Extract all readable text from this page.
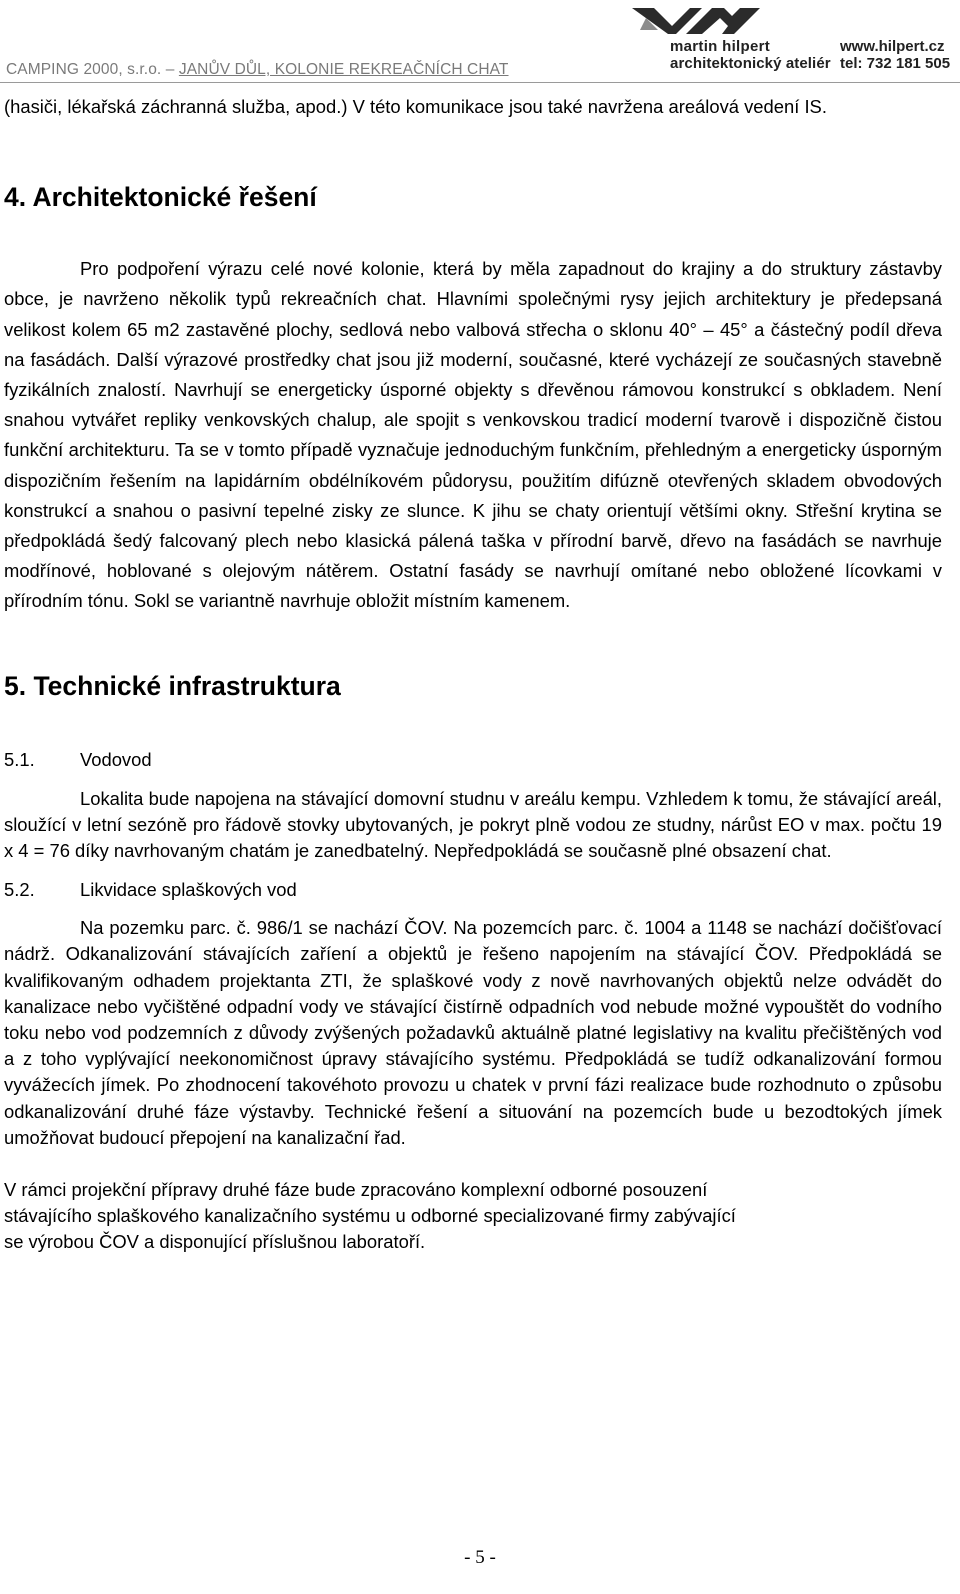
CAMPING 2000, s.r.o. – JANŮV DŮL, KOLONIE REKREAČNÍCH CHAT
martin hilpert
architektonický ateliér
www.hilpert.cz
tel: 732 181 505

(hasiči, lékařská záchranná služba, apod.) V této komunikace jsou také navržena areálová vedení IS.

4. Architektonické řešení

Pro podpoření výrazu celé nové kolonie, která by měla zapadnout do krajiny a do struktury zástavby obce, je navrženo několik typů rekreačních chat. Hlavními společnými rysy jejich architektury je předepsaná velikost kolem 65 m2 zastavěné plochy, sedlová nebo valbová střecha o sklonu 40° – 45° a částečný podíl dřeva na fasádách. Další výrazové prostředky chat jsou již moderní, současné, které vycházejí ze současných stavebně fyzikálních znalostí. Navrhují se energeticky úsporné objekty s dřevěnou rámovou konstrukcí s obkladem. Není snahou vytvářet repliky venkovských chalup, ale spojit s venkovskou tradicí moderní tvarově i dispozičně čistou funkční architekturu. Ta se v tomto případě vyznačuje jednoduchým funkčním, přehledným a energeticky úsporným dispozičním řešením na lapidárním obdélníkovém půdorysu, použitím difúzně otevřených skladem obvodových konstrukcí a snahou o pasivní tepelné zisky ze slunce. K jihu se chaty orientují většími okny. Střešní krytina se předpokládá šedý falcovaný plech nebo klasická pálená taška v přírodní barvě, dřevo na fasádách se navrhuje modřínové, hoblované s olejovým nátěrem. Ostatní fasády se navrhují omítané nebo obložené lícovkami v přírodním tónu. Sokl se variantně navrhuje obložit místním kamenem.

5. Technické infrastruktura
5.1. Vodovod

Lokalita bude napojena na stávající domovní studnu v areálu kempu. Vzhledem k tomu, že stávající areál, sloužící v letní sezóně pro řádově stovky ubytovaných, je pokryt plně vodou ze studny, nárůst EO v max. počtu 19 x 4 = 76 díky navrhovaným chatám je zanedbatelný. Nepředpokládá se současně plné obsazení chat.

5.2. Likvidace splaškových vod

Na pozemku parc. č. 986/1 se nachází ČOV. Na pozemcích parc. č. 1004 a 1148 se nachází dočišťovací nádrž. Odkanalizování stávajících zaříení a objektů je řešeno napojením na stávající ČOV. Předpokládá se kvalifikovaným odhadem projektanta ZTI, že splaškové vody z nově navrhovaných objektů nelze odvádět do kanalizace nebo vyčištěné odpadní vody ve stávající čistírně odpadních vod nebude možné vypouštět do vodního toku nebo vod podzemních z důvody zvýšených požadavků aktuálně platné legislativy na kvalitu přečištěných vod a z toho vyplývající neekonomičnost úpravy stávajícího systému. Předpokládá se tudíž odkanalizování formou vyvážecích jímek. Po zhodnocení takovéhoto provozu u chatek v první fázi realizace bude rozhodnuto o způsobu odkanalizování druhé fáze výstavby. Technické řešení a situování na pozemcích bude u bezodtokých jímek umožňovat budoucí přepojení na kanalizační řad.

V rámci projekční přípravy druhé fáze bude zpracováno komplexní odborné posouzení

stávajícího splaškového kanalizačního systému u odborné specializované firmy zabývající

se výrobou ČOV a disponující příslušnou laboratoří.

- 5 -
